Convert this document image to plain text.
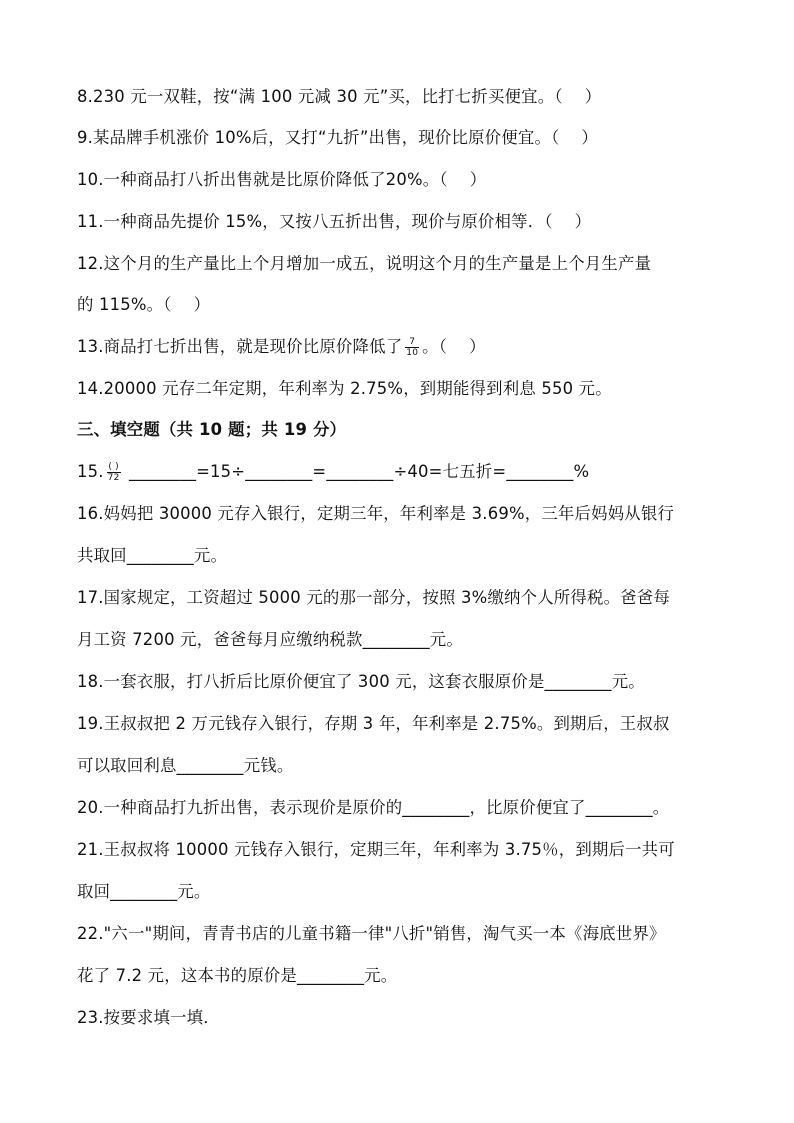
8.230 元一双鞋，按“满 100 元减 30 元”买，比打七折买便宜。（　 ）
9.某品牌手机涨价 10%后，又打“九折”出售，现价比原价便宜。（　 ）
10.一种商品打八折出售就是比原价降低了20%。（　 ）
11.一种商品先提价 15%，又按八五折出售，现价与原价相等．（　 ）
12.这个月的生产量比上个月增加一成五，说明这个月的生产量是上个月生产量
的 115%。（　 ）
13.商品打七折出售，就是现价比原价降低了 $\frac{7}{10}$ 。（　 ）
14.20000 元存二年定期，年利率为 2.75%，到期能得到利息 550 元。
三、填空题（共 10 题；共 19 分）
15. $\frac{( )}{72}$ ________=15÷________=________÷40=七五折=________%
16.妈妈把 30000 元存入银行，定期三年，年利率是 3.69%，三年后妈妈从银行
共取回________元。
17.国家规定，工资超过 5000 元的那一部分，按照 3%缴纳个人所得税。爸爸每
月工资 7200 元，爸爸每月应缴纳税款________元。
18.一套衣服，打八折后比原价便宜了 300 元，这套衣服原价是________元。
19.王叔叔把 2 万元钱存入银行，存期 3 年，年利率是 2.75%。到期后，王叔叔
可以取回利息________元钱。
20.一种商品打九折出售，表示现价是原价的________，比原价便宜了________。
21.王叔叔将 10000 元钱存入银行，定期三年，年利率为 3.75％，到期后一共可
取回________元。
22."六一"期间，青青书店的儿童书籍一律"八折"销售，淘气买一本《海底世界》
花了 7.2 元，这本书的原价是________元。
23.按要求填一填．
